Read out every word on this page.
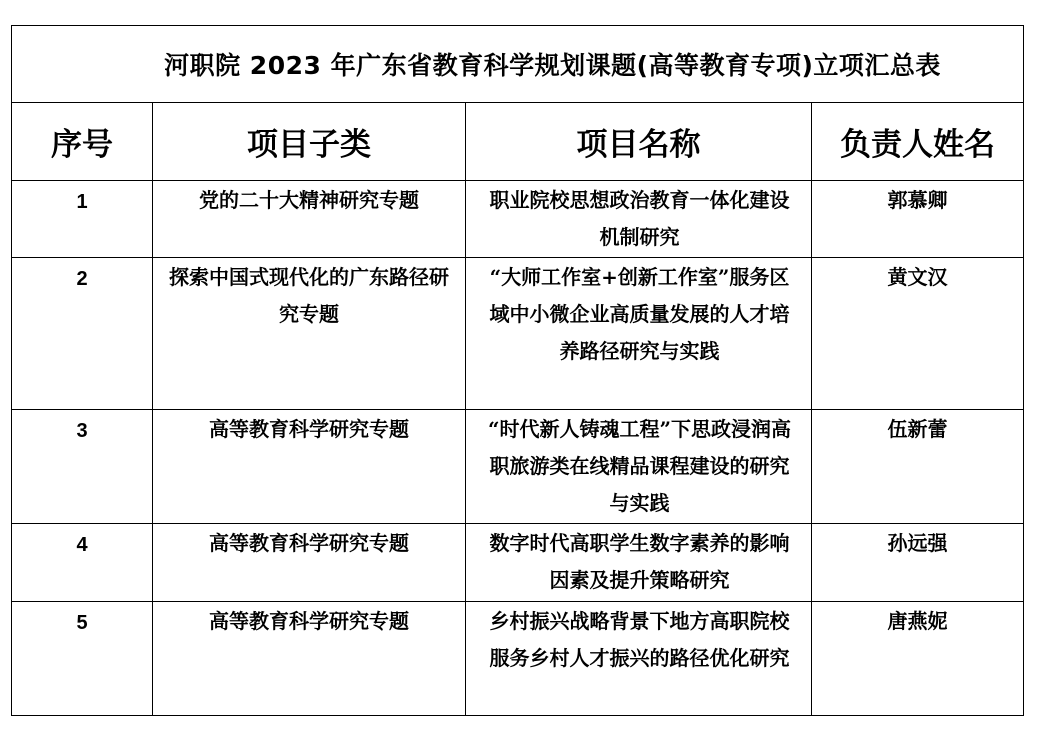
河职院 2023 年广东省教育科学规划课题(高等教育专项)立项汇总表			
序号	项目子类	项目名称	负责人姓名

1	党的二十大精神研究专题	职业院校思想政治教育一体化建设机制研究	郭慕卿

2	探索中国式现代化的广东路径研究专题	“大师工作室+创新工作室”服务区域中小微企业高质量发展的人才培养路径研究与实践	黄文汉

3	高等教育科学研究专题	“时代新人铸魂工程”下思政浸润高职旅游类在线精品课程建设的研究与实践	伍新蕾

4	高等教育科学研究专题	数字时代高职学生数字素养的影响因素及提升策略研究	孙远强

5	高等教育科学研究专题	乡村振兴战略背景下地方高职院校服务乡村人才振兴的路径优化研究	唐燕妮
